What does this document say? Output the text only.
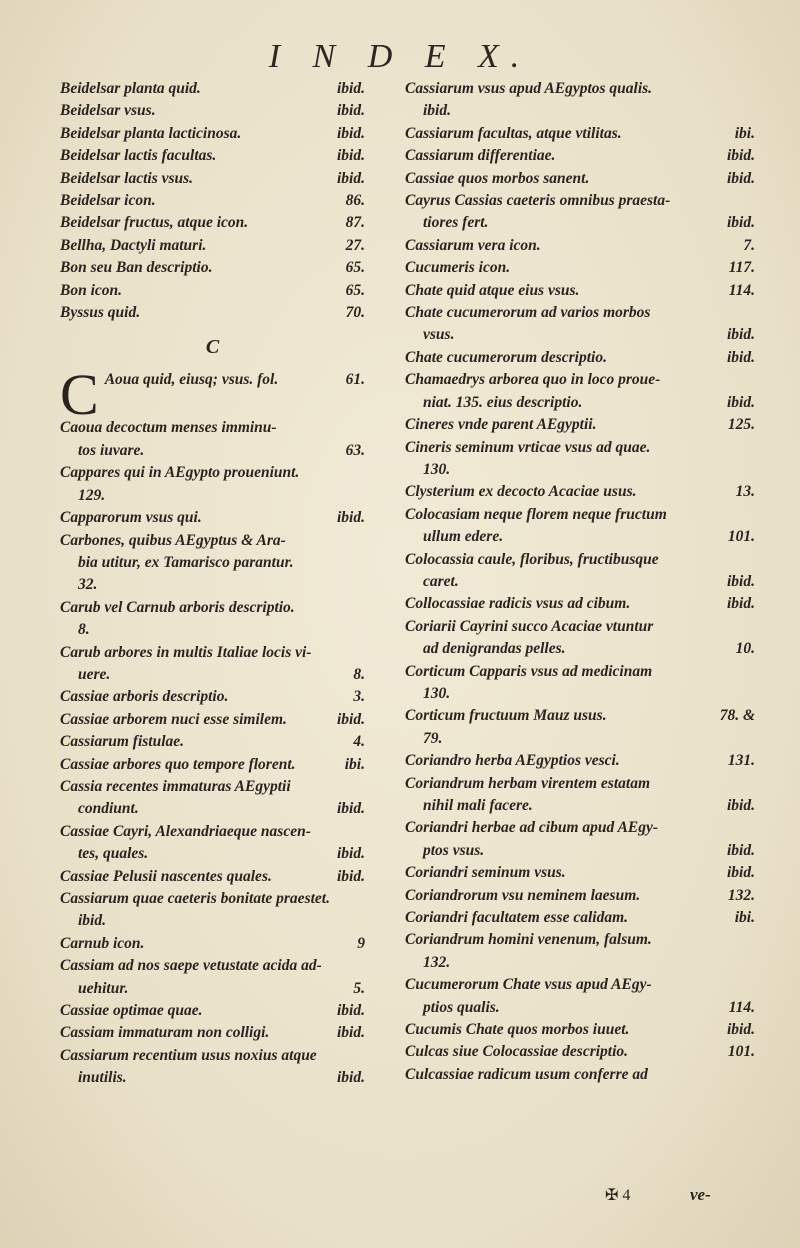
I N D E X.
ibid.
Beidelsar planta quid.
ibid.
Beidelsar vsus.
ibid.
Beidelsar planta lacticinosa.
ibid.
Beidelsar lactis facultas.
ibid.
Beidelsar lactis vsus.
86.
Beidelsar icon.
87.
Beidelsar fructus, atque icon.
27.
Bellha, Dactyli maturi.
65.
Bon seu Ban descriptio.
65.
Bon icon.
70.
Byssus quid.
C
C	61.
Aoua quid, eiusq; vsus. fol.
Caoua decoctum menses imminu-
63.
tos iuvare.
Cappares qui in AEgypto proueniunt.
129.
ibid.
Capparorum vsus qui.
Carbones, quibus AEgyptus & Ara-
bia utitur, ex Tamarisco parantur.
32.
Carub vel Carnub arboris descriptio.
8.
Carub arbores in multis Italiae locis vi-
8.
uere.
3.
Cassiae arboris descriptio.
ibid.
Cassiae arborem nuci esse similem.
4.
Cassiarum fistulae.
ibi.
Cassiae arbores quo tempore florent.
Cassia recentes immaturas AEgyptii
ibid.
condiunt.
Cassiae Cayri, Alexandriaeque nascen-
ibid.
tes, quales.
ibid.
Cassiae Pelusii nascentes quales.
Cassiarum quae caeteris bonitate praestet.
ibid.
9
Carnub icon.
Cassiam ad nos saepe vetustate acida ad-
5.
uehitur.
ibid.
Cassiae optimae quae.
ibid.
Cassiam immaturam non colligi.
Cassiarum recentium usus noxius atque
ibid.
inutilis.
Cassiarum vsus apud AEgyptos qualis.
ibid.
ibi.
Cassiarum facultas, atque vtilitas.
ibid.
Cassiarum differentiae.
ibid.
Cassiae quos morbos sanent.
Cayrus Cassias caeteris omnibus praesta-
ibid.
tiores fert.
7.
Cassiarum vera icon.
117.
Cucumeris icon.
114.
Chate quid atque eius vsus.
Chate cucumerorum ad varios morbos
ibid.
vsus.
ibid.
Chate cucumerorum descriptio.
Chamaedrys arborea quo in loco proue-
ibid.
niat. 135. eius descriptio.
125.
Cineres vnde parent AEgyptii.
Cineris seminum vrticae vsus ad quae.
130.
13.
Clysterium ex decocto Acaciae usus.
Colocasiam neque florem neque fructum
101.
ullum edere.
Colocassia caule, floribus, fructibusque
ibid.
caret.
ibid.
Collocassiae radicis vsus ad cibum.
Coriarii Cayrini succo Acaciae vtuntur
10.
ad denigrandas pelles.
Corticum Capparis vsus ad medicinam
130.
78. &
Corticum fructuum Mauz usus.
79.
131.
Coriandro herba AEgyptios vesci.
Coriandrum herbam virentem estatam
ibid.
nihil mali facere.
Coriandri herbae ad cibum apud AEgy-
ibid.
ptos vsus.
ibid.
Coriandri seminum vsus.
132.
Coriandrorum vsu neminem laesum.
ibi.
Coriandri facultatem esse calidam.
Coriandrum homini venenum, falsum.
132.
Cucumerorum Chate vsus apud AEgy-
114.
ptios qualis.
ibid.
Cucumis Chate quos morbos iuuet.
101.
Culcas siue Colocassiae descriptio.
Culcassiae radicum usum conferre ad
✠ 4	ve-
